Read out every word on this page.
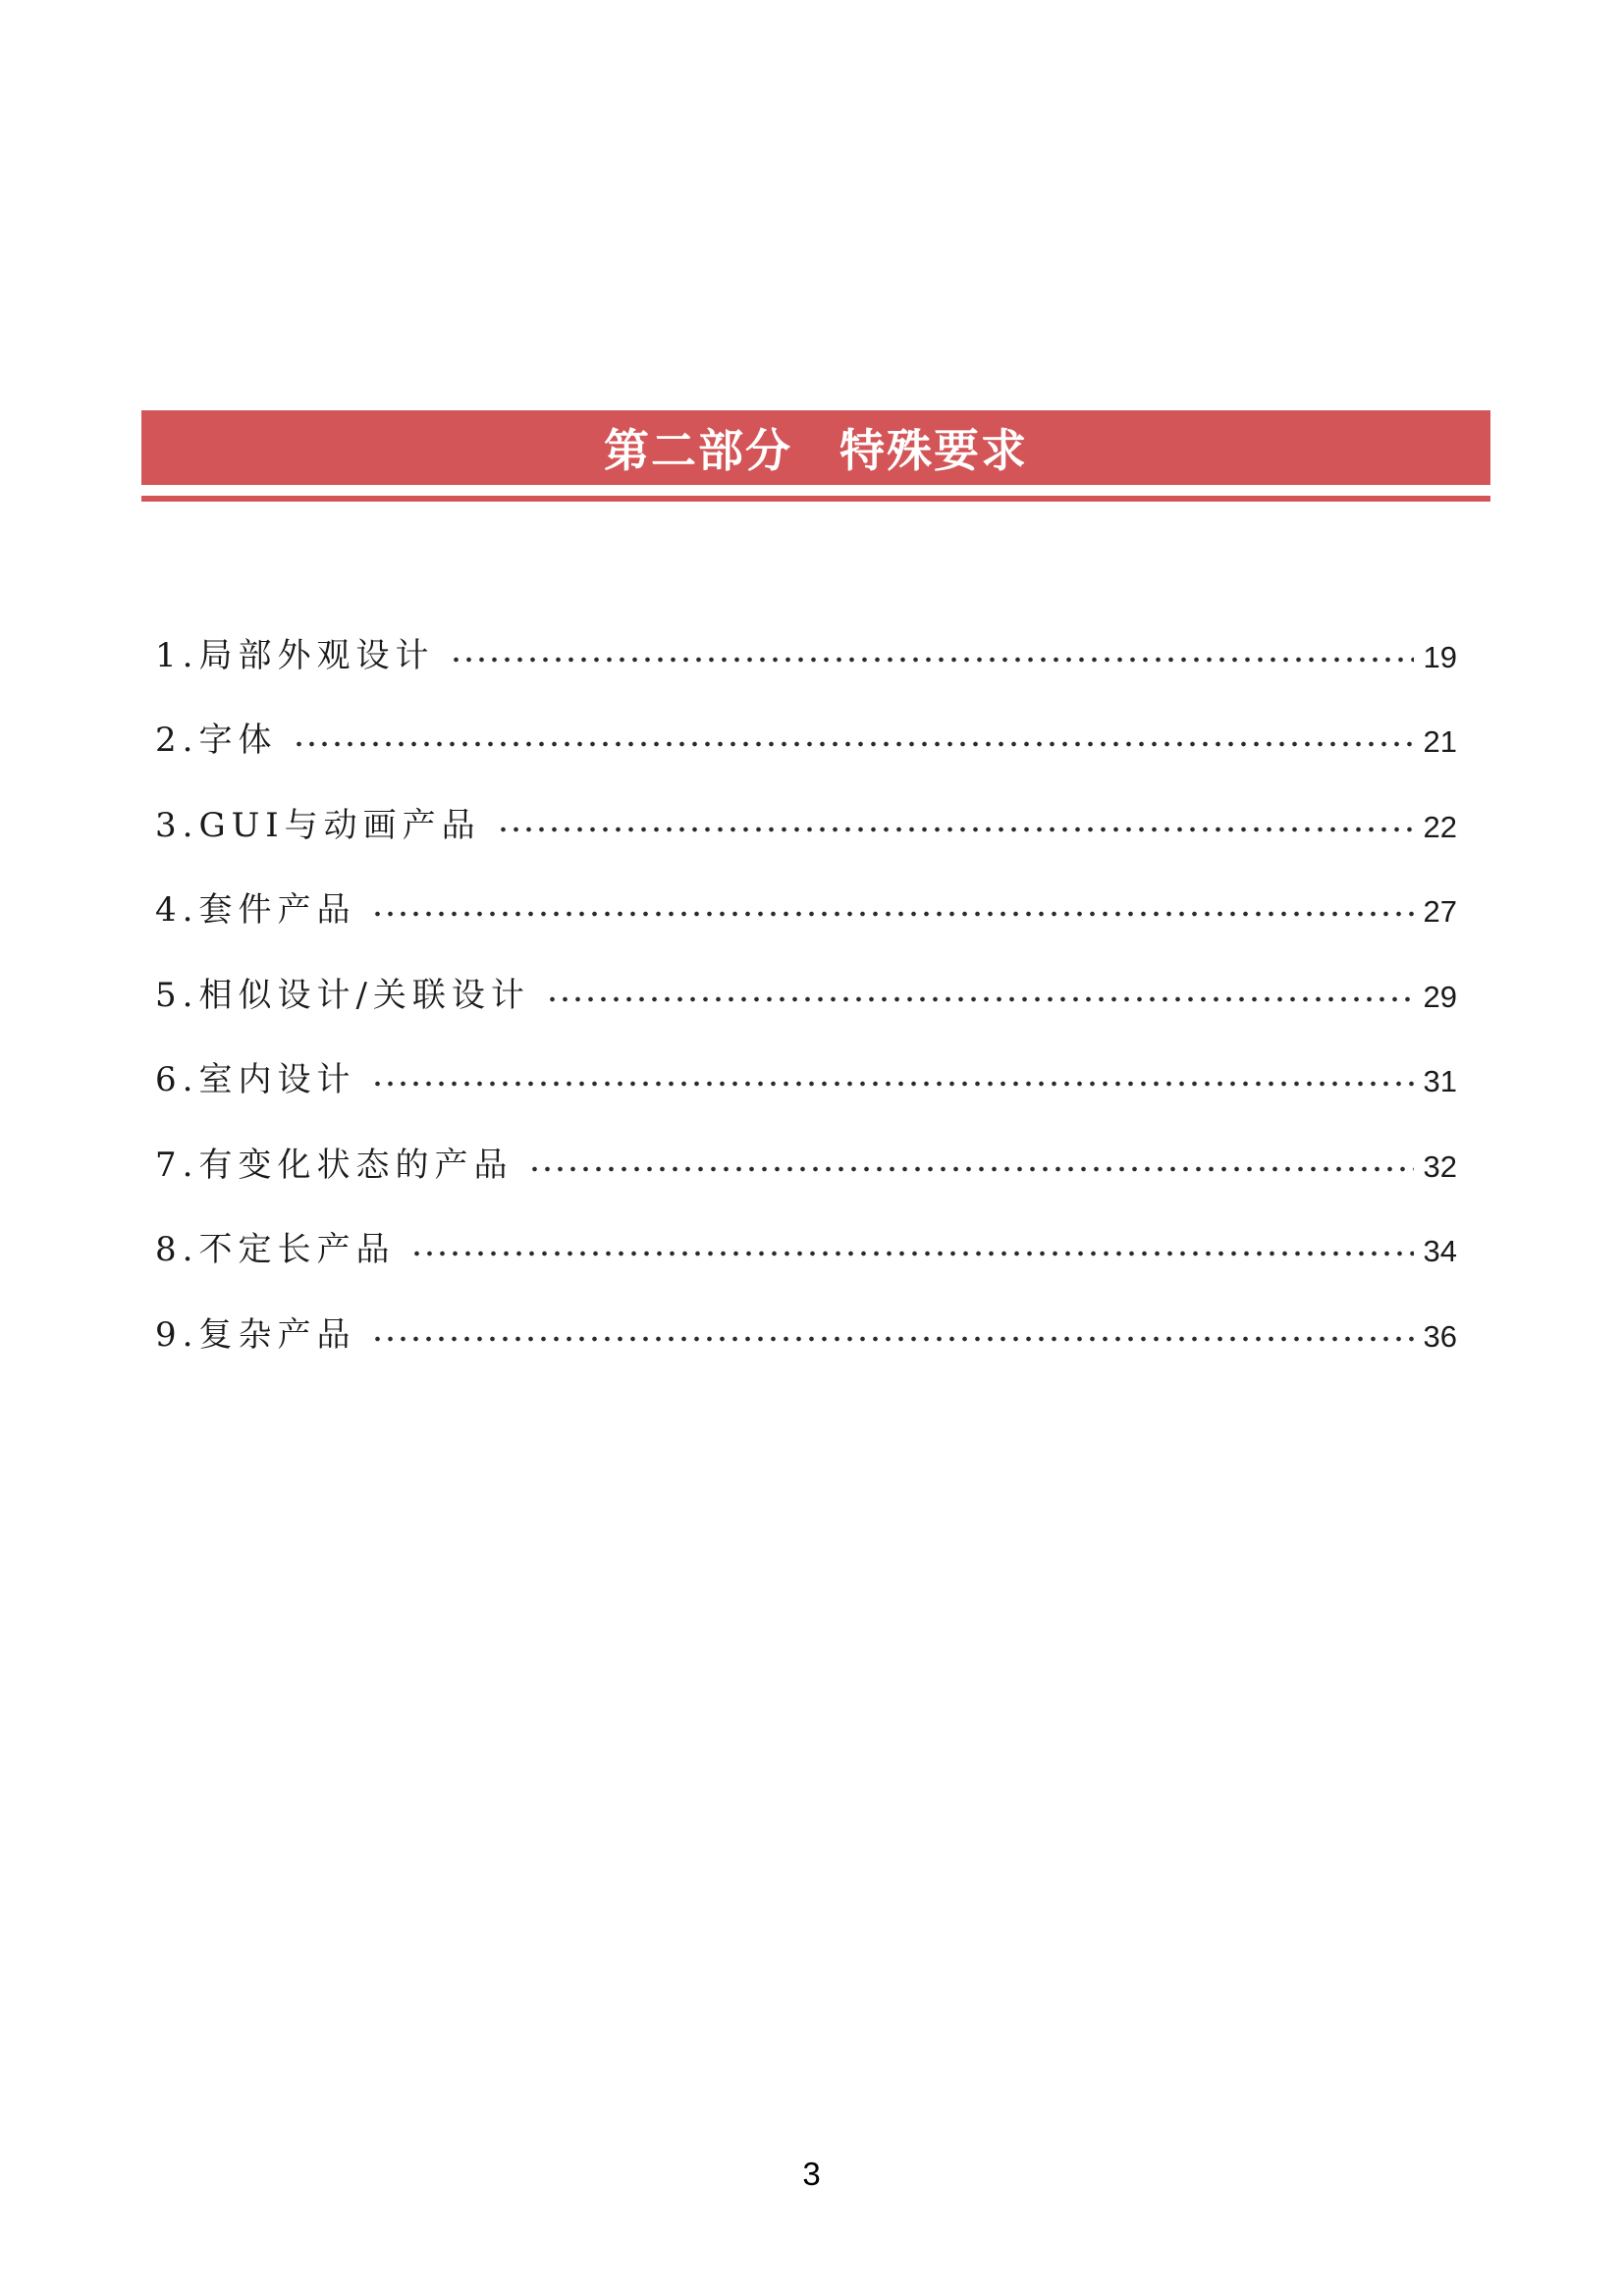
第二部分　特殊要求
1.局部外观设计	19
2.字体	21
3.GUI与动画产品	22
4.套件产品	27
5.相似设计/关联设计	29
6.室内设计	31
7.有变化状态的产品	32
8.不定长产品	34
9.复杂产品	36
3
